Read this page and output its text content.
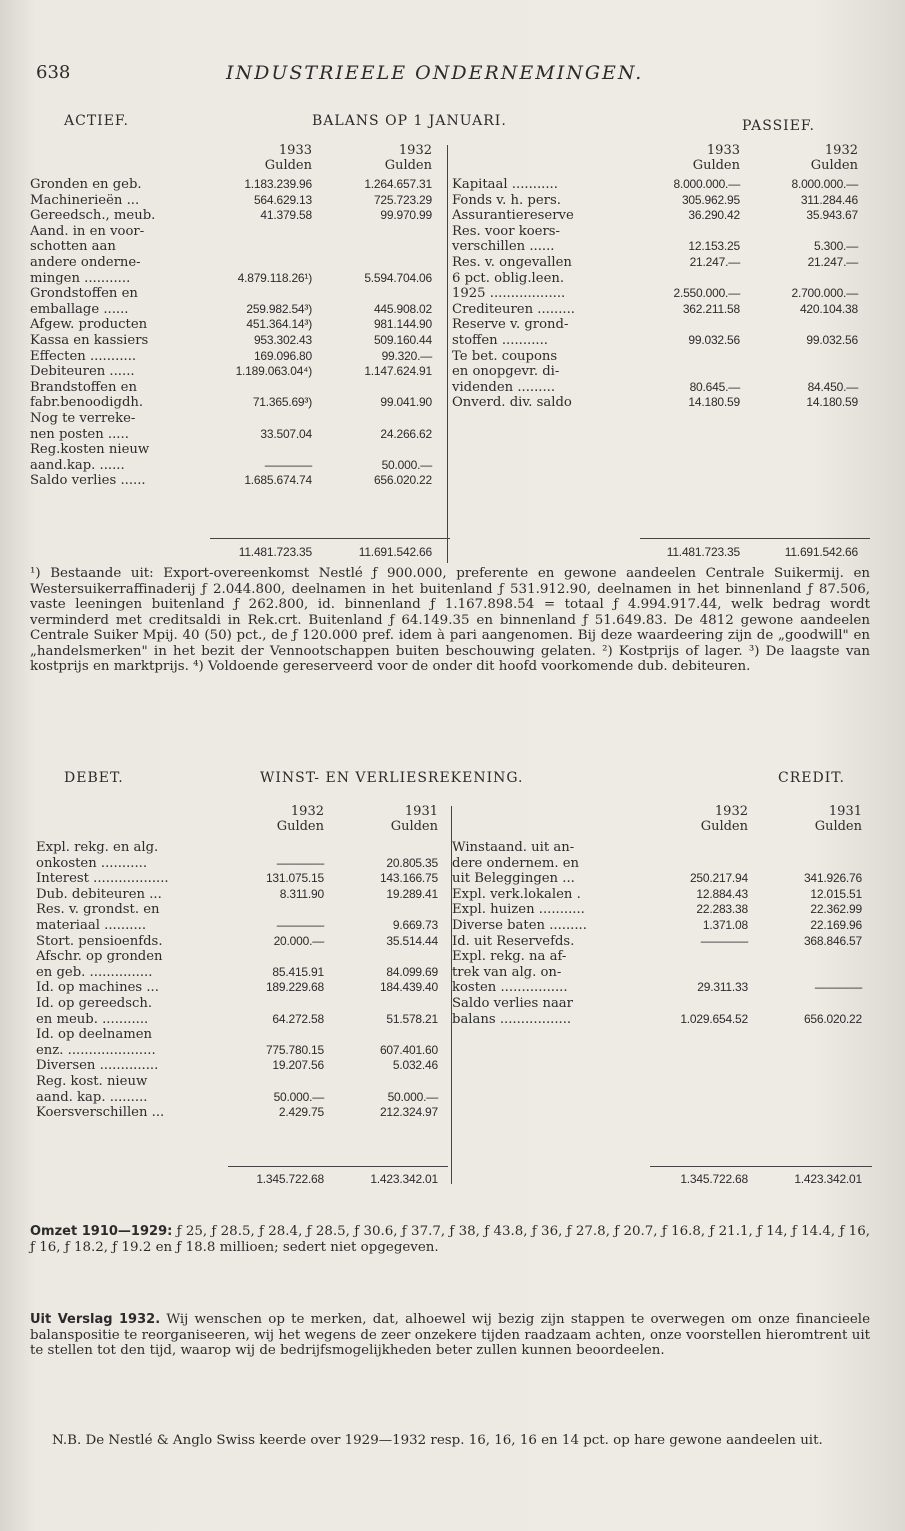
638	INDUSTRIEELE ONDERNEMINGEN.
ACTIEF.	BALANS OP 1 JANUARI.	PASSIEF.
1933
Gulden
1932
Gulden
Gronden en geb.	1.183.239.96	1.264.657.31
Machinerieën ...	564.629.13	725.723.29
Gereedsch., meub.	41.379.58	99.970.99
Aand. in en voor-
schotten aan
andere onderne-
mingen ...........	4.879.118.26¹)	5.594.704.06
Grondstoffen en
emballage ......	259.982.54³)	445.908.02
Afgew. producten	451.364.14³)	981.144.90
Kassa en kassiers	953.302.43	509.160.44
Effecten ...........	169.096.80	99.320.—
Debiteuren ......	1.189.063.04⁴)	1.147.624.91
Brandstoffen en
fabr.benoodigdh.	71.365.69³)	99.041.90
Nog te verreke-
nen posten .....	33.507.04	24.266.62
Reg.kosten nieuw
aand.kap. ......	————	50.000.—
Saldo verlies ......	1.685.674.74	656.020.22
1933
Gulden
1932
Gulden
Kapitaal ...........	8.000.000.—	8.000.000.—
Fonds v. h. pers.	305.962.95	311.284.46
Assurantiereserve	36.290.42	35.943.67
Res. voor koers-
verschillen ......	12.153.25	5.300.—
Res. v. ongevallen	21.247.—	21.247.—
6 pct. oblig.leen.
1925 ..................	2.550.000.—	2.700.000.—
Crediteuren .........	362.211.58	420.104.38
Reserve v. grond-
stoffen ...........	99.032.56	99.032.56
Te bet. coupons
en onopgevr. di-
videnden .........	80.645.—	84.450.—
Onverd. div. saldo	14.180.59	14.180.59
11.481.723.35	11.691.542.66	11.481.723.35	11.691.542.66

¹) Bestaande uit: Export-overeenkomst Nestlé ƒ 900.000, preferente en gewone aandeelen Centrale Suikermij. en Westersuikerraffinaderij ƒ 2.044.800, deelnamen in het buitenland ƒ 531.912.90, deelnamen in het binnenland ƒ 87.506, vaste leeningen buitenland ƒ 262.800, id. binnenland ƒ 1.167.898.54 = totaal ƒ 4.994.917.44, welk bedrag wordt verminderd met creditsaldi in Rek.crt. Buitenland ƒ 64.149.35 en binnenland ƒ 51.649.83. De 4812 gewone aandeelen Centrale Suiker Mpij. 40 (50) pct., de ƒ 120.000 pref. idem à pari aangenomen. Bij deze waardeering zijn de „goodwill" en „handelsmerken" in het bezit der Vennootschappen buiten beschouwing gelaten. ²) Kostprijs of lager. ³) De laagste van kostprijs en marktprijs. ⁴) Voldoende gereserveerd voor de onder dit hoofd voorkomende dub. debiteuren.

DEBET.	WINST- EN VERLIESREKENING.	CREDIT.
1932
Gulden
1931
Gulden
Expl. rekg. en alg.
onkosten ...........	————	20.805.35
Interest ..................	131.075.15	143.166.75
Dub. debiteuren ...	8.311.90	19.289.41
Res. v. grondst. en
materiaal ..........	————	9.669.73
Stort. pensioenfds.	20.000.—	35.514.44
Afschr. op gronden
en geb. ...............	85.415.91	84.099.69
Id. op machines ...	189.229.68	184.439.40
Id. op gereedsch.
en meub. ...........	64.272.58	51.578.21
Id. op deelnamen
enz. .....................	775.780.15	607.401.60
Diversen ..............	19.207.56	5.032.46
Reg. kost. nieuw
aand. kap. .........	50.000.—	50.000.—
Koersverschillen ...	2.429.75	212.324.97
1932
Gulden
1931
Gulden
Winstaand. uit an-
dere ondernem. en
uit Beleggingen ...	250.217.94	341.926.76
Expl. verk.lokalen .	12.884.43	12.015.51
Expl. huizen ...........	22.283.38	22.362.99
Diverse baten .........	1.371.08	22.169.96
Id. uit Reservefds.	————	368.846.57
Expl. rekg. na af-
trek van alg. on-
kosten ................	29.311.33	————
Saldo verlies naar
balans .................	1.029.654.52	656.020.22
1.345.722.68	1.423.342.01	1.345.722.68	1.423.342.01

Omzet 1910—1929: ƒ 25, ƒ 28.5, ƒ 28.4, ƒ 28.5, ƒ 30.6, ƒ 37.7, ƒ 38, ƒ 43.8, ƒ 36, ƒ 27.8, ƒ 20.7, ƒ 16.8, ƒ 21.1, ƒ 14, ƒ 14.4, ƒ 16, ƒ 16, ƒ 18.2, ƒ 19.2 en ƒ 18.8 millioen; sedert niet opgegeven.

Uit Verslag 1932. Wij wenschen op te merken, dat, alhoewel wij bezig zijn stappen te overwegen om onze financieele balanspositie te reorganiseeren, wij het wegens de zeer onzekere tijden raadzaam achten, onze voorstellen hieromtrent uit te stellen tot den tijd, waarop wij de bedrijfsmogelijkheden beter zullen kunnen beoordeelen.

N.B. De Nestlé & Anglo Swiss keerde over 1929—1932 resp. 16, 16, 16 en 14 pct. op hare gewone aandeelen uit.
